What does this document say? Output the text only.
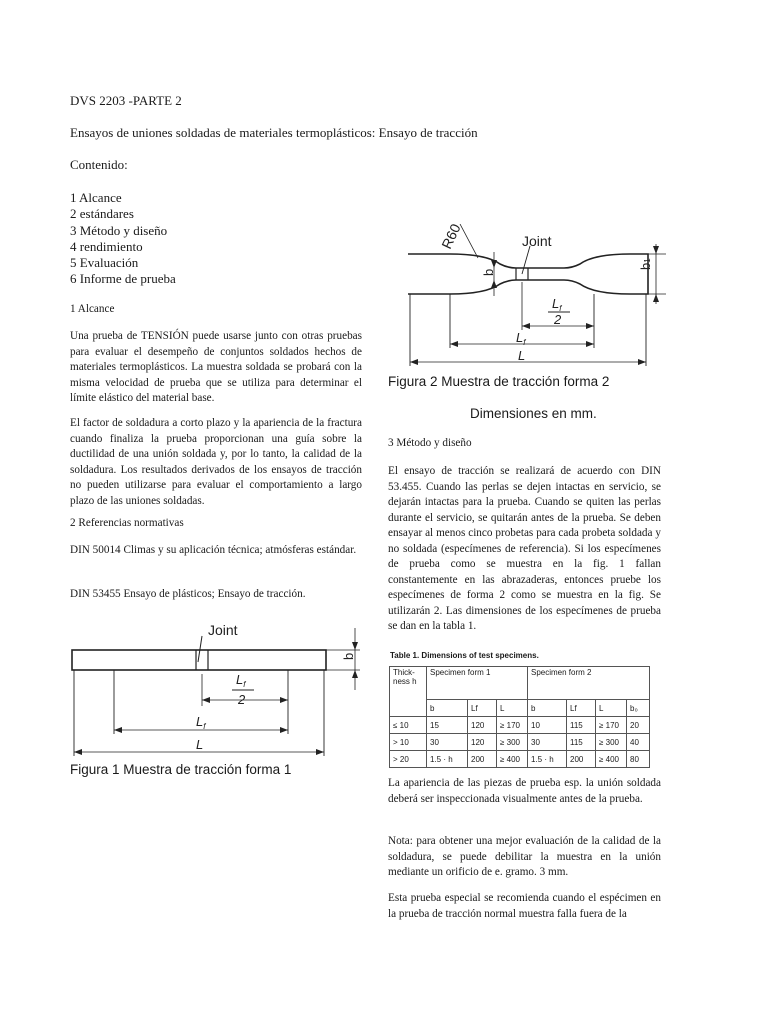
DVS 2203 -PARTE 2
Ensayos de uniones soldadas de materiales termoplásticos: Ensayo de tracción
Contenido:
1 Alcance
2 estándares
3 Método y diseño
4 rendimiento
5 Evaluación
6 Informe de prueba
1 Alcance
Una prueba de TENSIÓN puede usarse junto con otras pruebas para evaluar el desempeño de conjuntos soldados hechos de materiales termoplásticos. La muestra soldada se probará con la misma velocidad de prueba que se utiliza para determinar el límite elástico del material base.
El factor de soldadura a corto plazo y la apariencia de la fractura cuando finaliza la prueba proporcionan una guía sobre la ductilidad de una unión soldada y, por lo tanto, la calidad de la soldadura. Los resultados derivados de los ensayos de tracción no pueden utilizarse para evaluar el comportamiento a largo plazo de las uniones soldadas.
2 Referencias normativas
DIN 50014 Climas y su aplicación técnica; atmósferas estándar.
DIN 53455 Ensayo de plásticos; Ensayo de tracción.
Joint
b
$L_f$
2
$L_f$
L
Figura 1 Muestra de tracción forma 1
Joint
R60
b
b1
$L_f$
2
$L_f$
L
Figura 2 Muestra de tracción forma 2
Dimensiones en mm.
3 Método y diseño
El ensayo de tracción se realizará de acuerdo con DIN 53.455. Cuando las perlas se dejen intactas en servicio, se dejarán intactas para la prueba. Cuando se quiten las perlas durante el servicio, se quitarán antes de la prueba. Se deben ensayar al menos cinco probetas para cada probeta soldada y no soldada (especímenes de referencia). Si los especímenes de prueba como se muestra en la fig. 1 fallan constantemente en las abrazaderas, entonces pruebe los especímenes de forma 2 como se muestra en la fig. Se utilizarán 2. Las dimensiones de los especímenes de prueba se dan en la tabla 1.
Table 1. Dimensions of test specimens.
Thick-ness h	Specimen form 1			Specimen form 2			
	b	Lf	L	b	Lf	L	b₀
≤ 10	15	120	≥ 170	10	115	≥ 170	20
> 10	30	120	≥ 300	30	115	≥ 300	40
> 20	1.5 · h	200	≥ 400	1.5 · h	200	≥ 400	80
La apariencia de las piezas de prueba esp. la unión soldada deberá ser inspeccionada visualmente antes de la prueba.
Nota: para obtener una mejor evaluación de la calidad de la soldadura, se puede debilitar la muestra en la unión mediante un orificio de e. gramo. 3 mm.
Esta prueba especial se recomienda cuando el espécimen en la prueba de tracción normal muestra falla fuera de la
